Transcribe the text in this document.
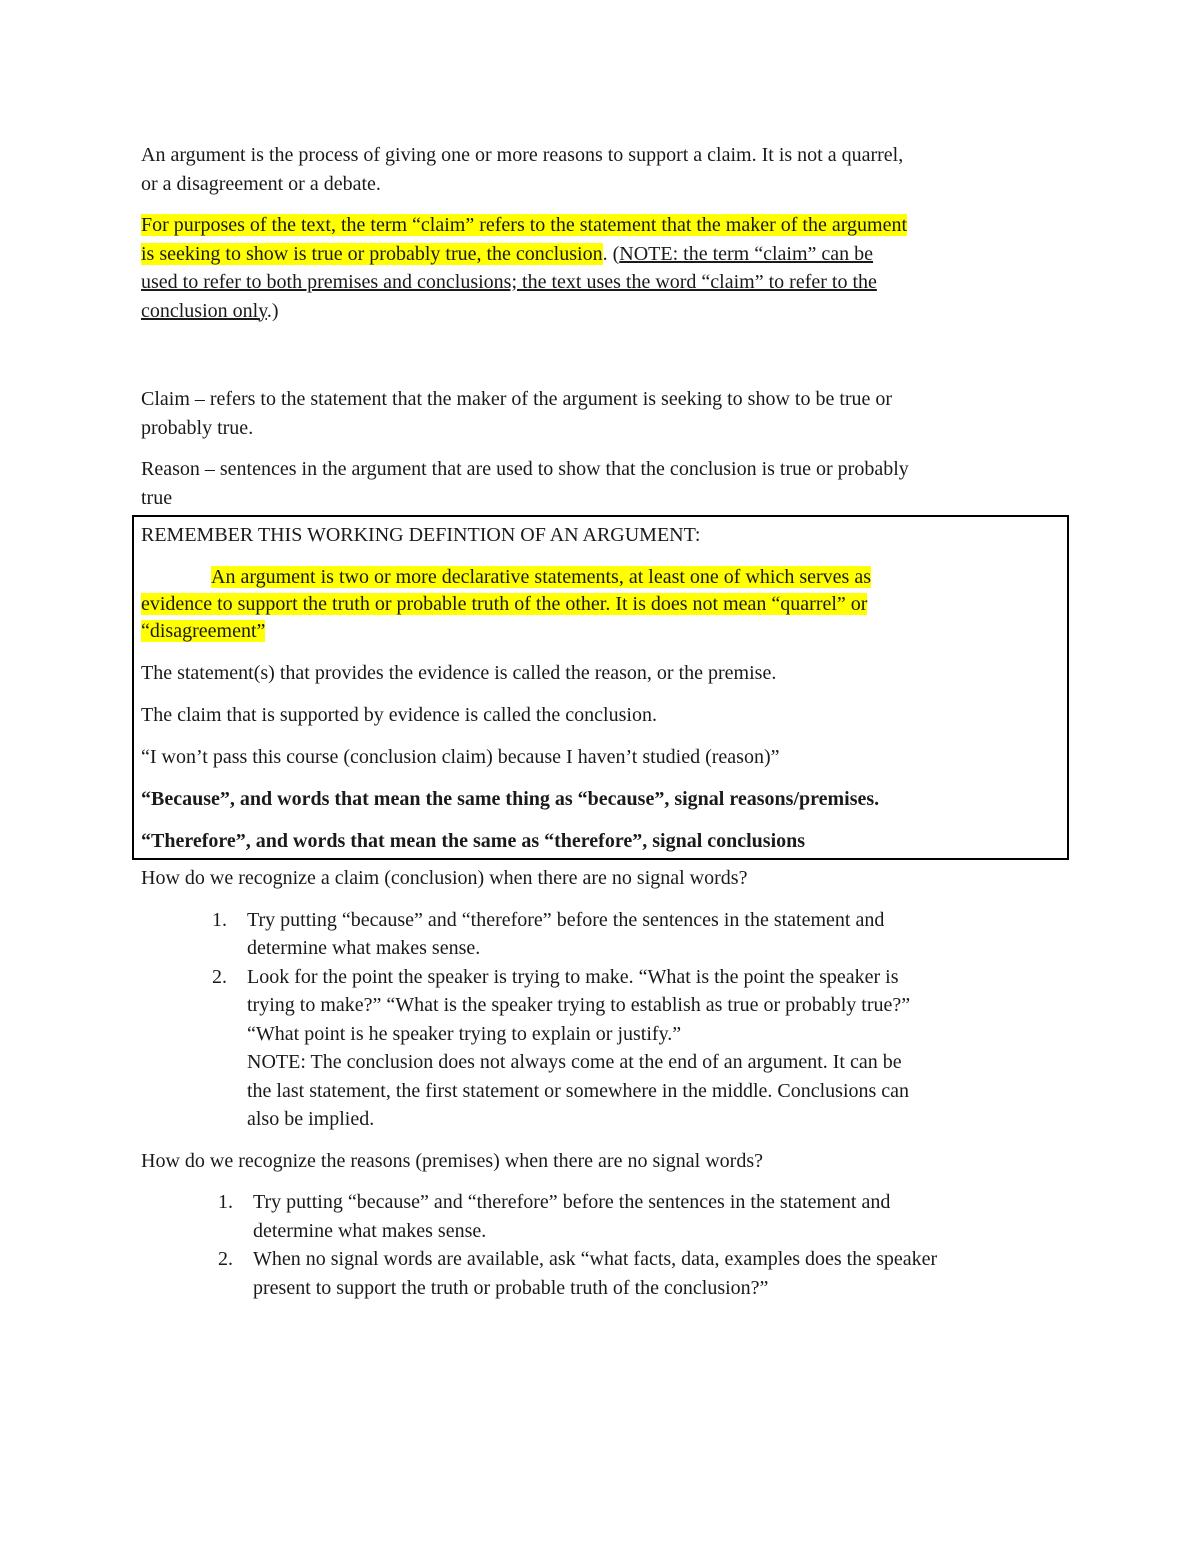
An argument is the process of giving one or more reasons to support a claim. It is not a quarrel,
or a disagreement or a debate.

For purposes of the text, the term “claim” refers to the statement that the maker of the argument
is seeking to show is true or probably true, the conclusion. (NOTE: the term “claim” can be
used to refer to both premises and conclusions; the text uses the word “claim” to refer to the
conclusion only.)

Claim – refers to the statement that the maker of the argument is seeking to show to be true or
probably true.

Reason – sentences in the argument that are used to show that the conclusion is true or probably
true

REMEMBER THIS WORKING DEFINTION OF AN ARGUMENT:

An argument is two or more declarative statements, at least one of which serves as
evidence to support the truth or probable truth of the other. It is does not mean “quarrel” or
“disagreement”

The statement(s) that provides the evidence is called the reason, or the premise.

The claim that is supported by evidence is called the conclusion.

“I won’t pass this course (conclusion claim) because I haven’t studied (reason)”

“Because”, and words that mean the same thing as “because”, signal reasons/premises.

“Therefore”, and words that mean the same as “therefore”, signal conclusions

How do we recognize a claim (conclusion) when there are no signal words?

1. Try putting “because” and “therefore” before the sentences in the statement and
determine what makes sense.
2. Look for the point the speaker is trying to make. “What is the point the speaker is
trying to make?” “What is the speaker trying to establish as true or probably true?”
“What point is he speaker trying to explain or justify.”
NOTE: The conclusion does not always come at the end of an argument. It can be
the last statement, the first statement or somewhere in the middle. Conclusions can
also be implied.

How do we recognize the reasons (premises) when there are no signal words?

1. Try putting “because” and “therefore” before the sentences in the statement and
determine what makes sense.
2. When no signal words are available, ask “what facts, data, examples does the speaker
present to support the truth or probable truth of the conclusion?”
